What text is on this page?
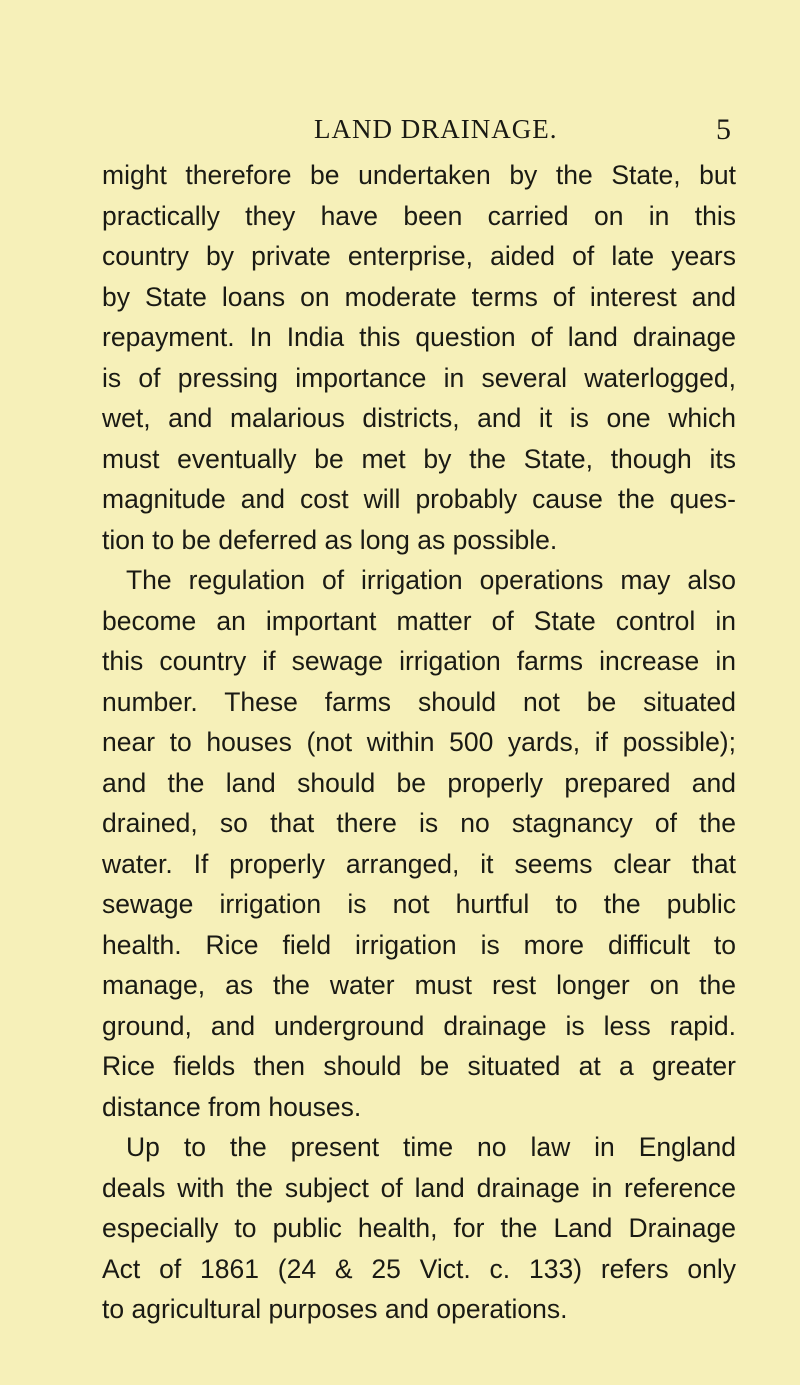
LAND DRAINAGE.	5
might therefore be undertaken by the State, but
practically they have been carried on in this
country by private enterprise, aided of late years
by State loans on moderate terms of interest and
repayment. In India this question of land drainage
is of pressing importance in several waterlogged,
wet, and malarious districts, and it is one which
must eventually be met by the State, though its
magnitude and cost will probably cause the ques-
tion to be deferred as long as possible.
The regulation of irrigation operations may also
become an important matter of State control in
this country if sewage irrigation farms increase in
number. These farms should not be situated
near to houses (not within 500 yards, if possible);
and the land should be properly prepared and
drained, so that there is no stagnancy of the
water. If properly arranged, it seems clear that
sewage irrigation is not hurtful to the public
health. Rice field irrigation is more difficult to
manage, as the water must rest longer on the
ground, and underground drainage is less rapid.
Rice fields then should be situated at a greater
distance from houses.
Up to the present time no law in England
deals with the subject of land drainage in reference
especially to public health, for the Land Drainage
Act of 1861 (24 & 25 Vict. c. 133) refers only
to agricultural purposes and operations.
